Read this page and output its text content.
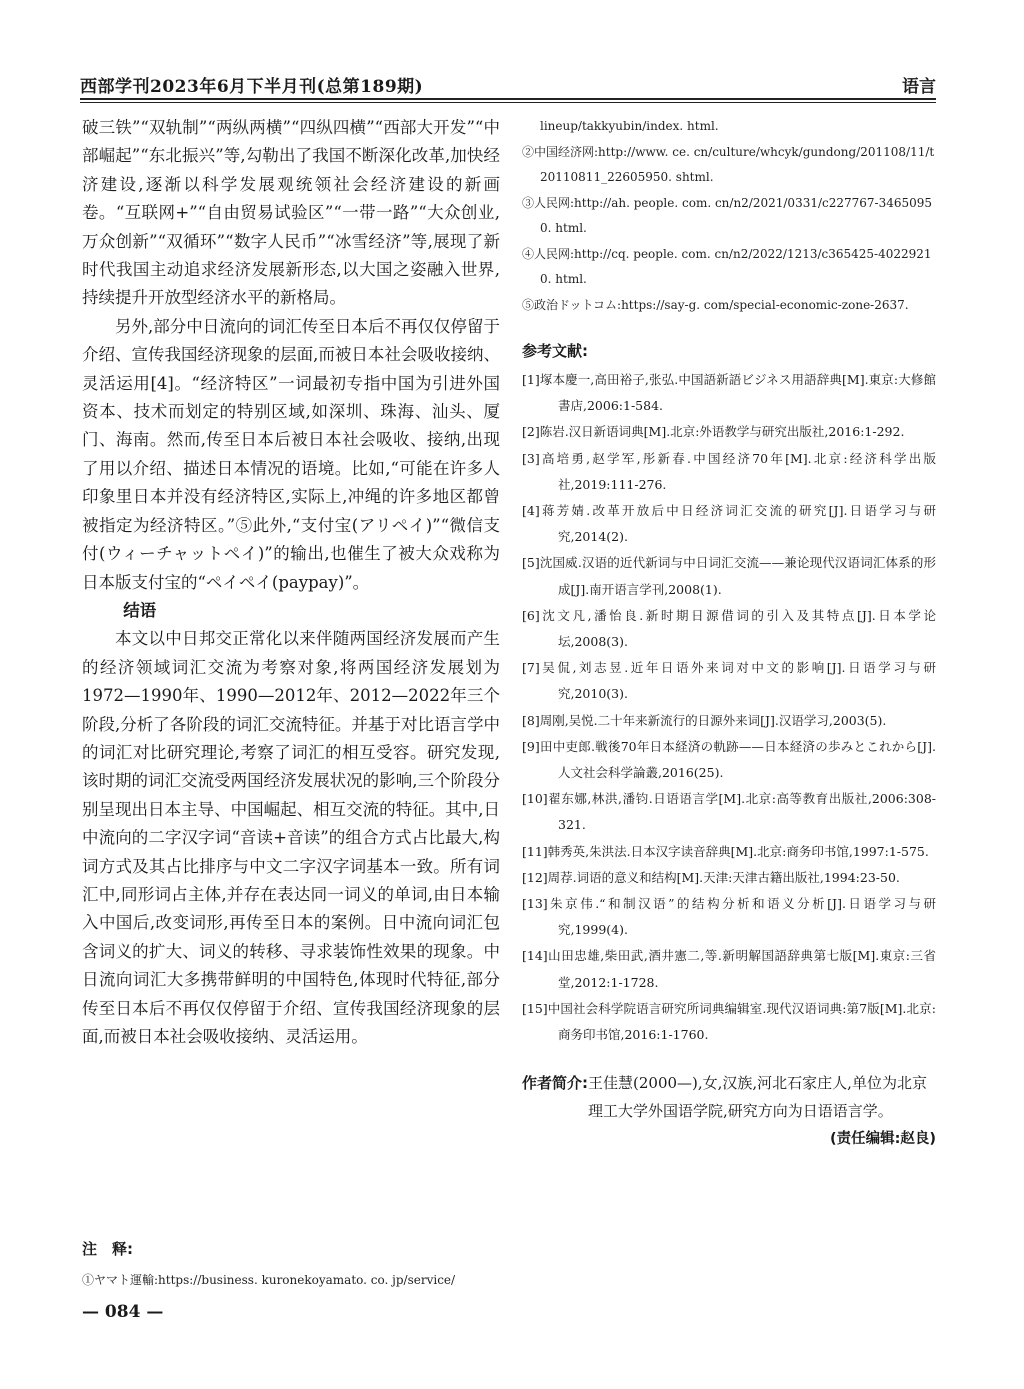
西部学刊2023年6月下半月刊(总第189期)	语言

破三铁”“双轨制”“两纵两横”“四纵四横”“西部大开发”“中部崛起”“东北振兴”等,勾勒出了我国不断深化改革,加快经济建设,逐渐以科学发展观统领社会经济建设的新画卷。“互联网+”“自由贸易试验区”“一带一路”“大众创业,万众创新”“双循环”“数字人民币”“冰雪经济”等,展现了新时代我国主动追求经济发展新形态,以大国之姿融入世界,持续提升开放型经济水平的新格局。

另外,部分中日流向的词汇传至日本后不再仅仅停留于介绍、宣传我国经济现象的层面,而被日本社会吸收接纳、灵活运用[4]。“经济特区”一词最初专指中国为引进外国资本、技术而划定的特别区域,如深圳、珠海、汕头、厦门、海南。然而,传至日本后被日本社会吸收、接纳,出现了用以介绍、描述日本情况的语境。比如,“可能在许多人印象里日本并没有经济特区,实际上,冲绳的许多地区都曾被指定为经济特区。”⑤此外,“支付宝(アリペイ)”“微信支付(ウィーチャットペイ)”的输出,也催生了被大众戏称为日本版支付宝的“ペイペイ(paypay)”。

结语

本文以中日邦交正常化以来伴随两国经济发展而产生的经济领域词汇交流为考察对象,将两国经济发展划为1972—1990年、1990—2012年、2012—2022年三个阶段,分析了各阶段的词汇交流特征。并基于对比语言学中的词汇对比研究理论,考察了词汇的相互受容。研究发现,该时期的词汇交流受两国经济发展状况的影响,三个阶段分别呈现出日本主导、中国崛起、相互交流的特征。其中,日中流向的二字汉字词“音读+音读”的组合方式占比最大,构词方式及其占比排序与中文二字汉字词基本一致。所有词汇中,同形词占主体,并存在表达同一词义的单词,由日本输入中国后,改变词形,再传至日本的案例。日中流向词汇包含词义的扩大、词义的转移、寻求装饰性效果的现象。中日流向词汇大多携带鲜明的中国特色,体现时代特征,部分传至日本后不再仅仅停留于介绍、宣传我国经济现象的层面,而被日本社会吸收接纳、灵活运用。

注　释:
①ヤマト運輸:https://business. kuronekoyamato. co. jp/service/
lineup/takkyubin/index. html.
②中国经济网:http://www. ce. cn/culture/whcyk/gundong/201108/11/t20110811_22605950. shtml.
③人民网:http://ah. people. com. cn/n2/2021/0331/c227767-34650950. html.
④人民网:http://cq. people. com. cn/n2/2022/1213/c365425-40229210. html.
⑤政治ドットコム:https://say-g. com/special-economic-zone-2637.
参考文献:
[1]塚本慶一,高田裕子,张弘.中国語新語ビジネス用語辞典[M].東京:大修館書店,2006:1-584.
[2]陈岩.汉日新语词典[M].北京:外语教学与研究出版社,2016:1-292.
[3]高培勇,赵学军,彤新春.中国经济70年[M].北京:经济科学出版社,2019:111-276.
[4]蒋芳婧.改革开放后中日经济词汇交流的研究[J].日语学习与研究,2014(2).
[5]沈国威.汉语的近代新词与中日词汇交流——兼论现代汉语词汇体系的形成[J].南开语言学刊,2008(1).
[6]沈文凡,潘怡良.新时期日源借词的引入及其特点[J].日本学论坛,2008(3).
[7]吴侃,刘志昱.近年日语外来词对中文的影响[J].日语学习与研究,2010(3).
[8]周刚,吴悦.二十年来新流行的日源外来词[J].汉语学习,2003(5).
[9]田中吏郎.戦後70年日本経済の軌跡——日本経済の歩みとこれから[J].人文社会科学論叢,2016(25).
[10]翟东娜,林洪,潘钧.日语语言学[M].北京:高等教育出版社,2006:308-321.
[11]韩秀英,朱洪法.日本汉字读音辞典[M].北京:商务印书馆,1997:1-575.
[12]周荐.词语的意义和结构[M].天津:天津古籍出版社,1994:23-50.
[13]朱京伟.“和制汉语”的结构分析和语义分析[J].日语学习与研究,1999(4).
[14]山田忠雄,柴田武,酒井憲二,等.新明解国語辞典第七版[M].東京:三省堂,2012:1-1728.
[15]中国社会科学院语言研究所词典编辑室.现代汉语词典:第7版[M].北京:商务印书馆,2016:1-1760.
作者简介: 王佳慧(2000—),女,汉族,河北石家庄人,单位为北京理工大学外国语学院,研究方向为日语语言学。
(责任编辑:赵良)
— 084 —
